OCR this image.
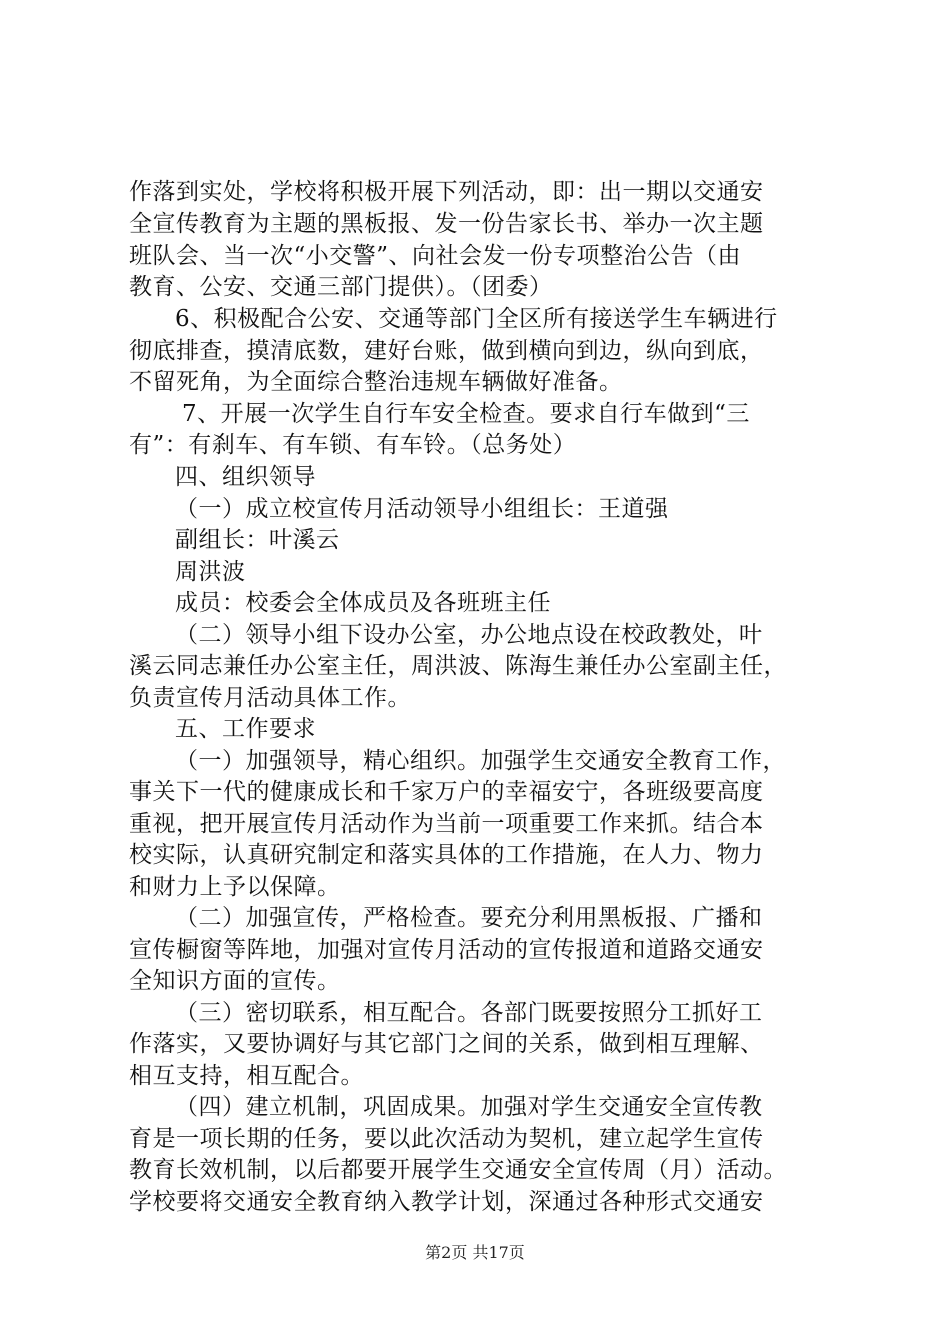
作落到实处，学校将积极开展下列活动，即：出一期以交通安
全宣传教育为主题的黑板报、发一份告家长书、举办一次主题
班队会、当一次“小交警”、向社会发一份专项整治公告（由
教育、公安、交通三部门提供）。（团委）
6、积极配合公安、交通等部门全区所有接送学生车辆进行
彻底排查，摸清底数，建好台账，做到横向到边，纵向到底，
不留死角，为全面综合整治违规车辆做好准备。
7、开展一次学生自行车安全检查。要求自行车做到“三
有”：有刹车、有车锁、有车铃。（总务处）
四、组织领导
（一）成立校宣传月活动领导小组组长：王道强
副组长：叶溪云
周洪波
成员：校委会全体成员及各班班主任
（二）领导小组下设办公室，办公地点设在校政教处，叶
溪云同志兼任办公室主任，周洪波、陈海生兼任办公室副主任，
负责宣传月活动具体工作。
五、工作要求
（一）加强领导，精心组织。加强学生交通安全教育工作，
事关下一代的健康成长和千家万户的幸福安宁，各班级要高度
重视，把开展宣传月活动作为当前一项重要工作来抓。结合本
校实际，认真研究制定和落实具体的工作措施，在人力、物力
和财力上予以保障。
（二）加强宣传，严格检查。要充分利用黑板报、广播和
宣传橱窗等阵地，加强对宣传月活动的宣传报道和道路交通安
全知识方面的宣传。
（三）密切联系，相互配合。各部门既要按照分工抓好工
作落实，又要协调好与其它部门之间的关系，做到相互理解、
相互支持，相互配合。
（四）建立机制，巩固成果。加强对学生交通安全宣传教
育是一项长期的任务，要以此次活动为契机，建立起学生宣传
教育长效机制，以后都要开展学生交通安全宣传周（月）活动。
学校要将交通安全教育纳入教学计划，深通过各种形式交通安
第2页 共17页
